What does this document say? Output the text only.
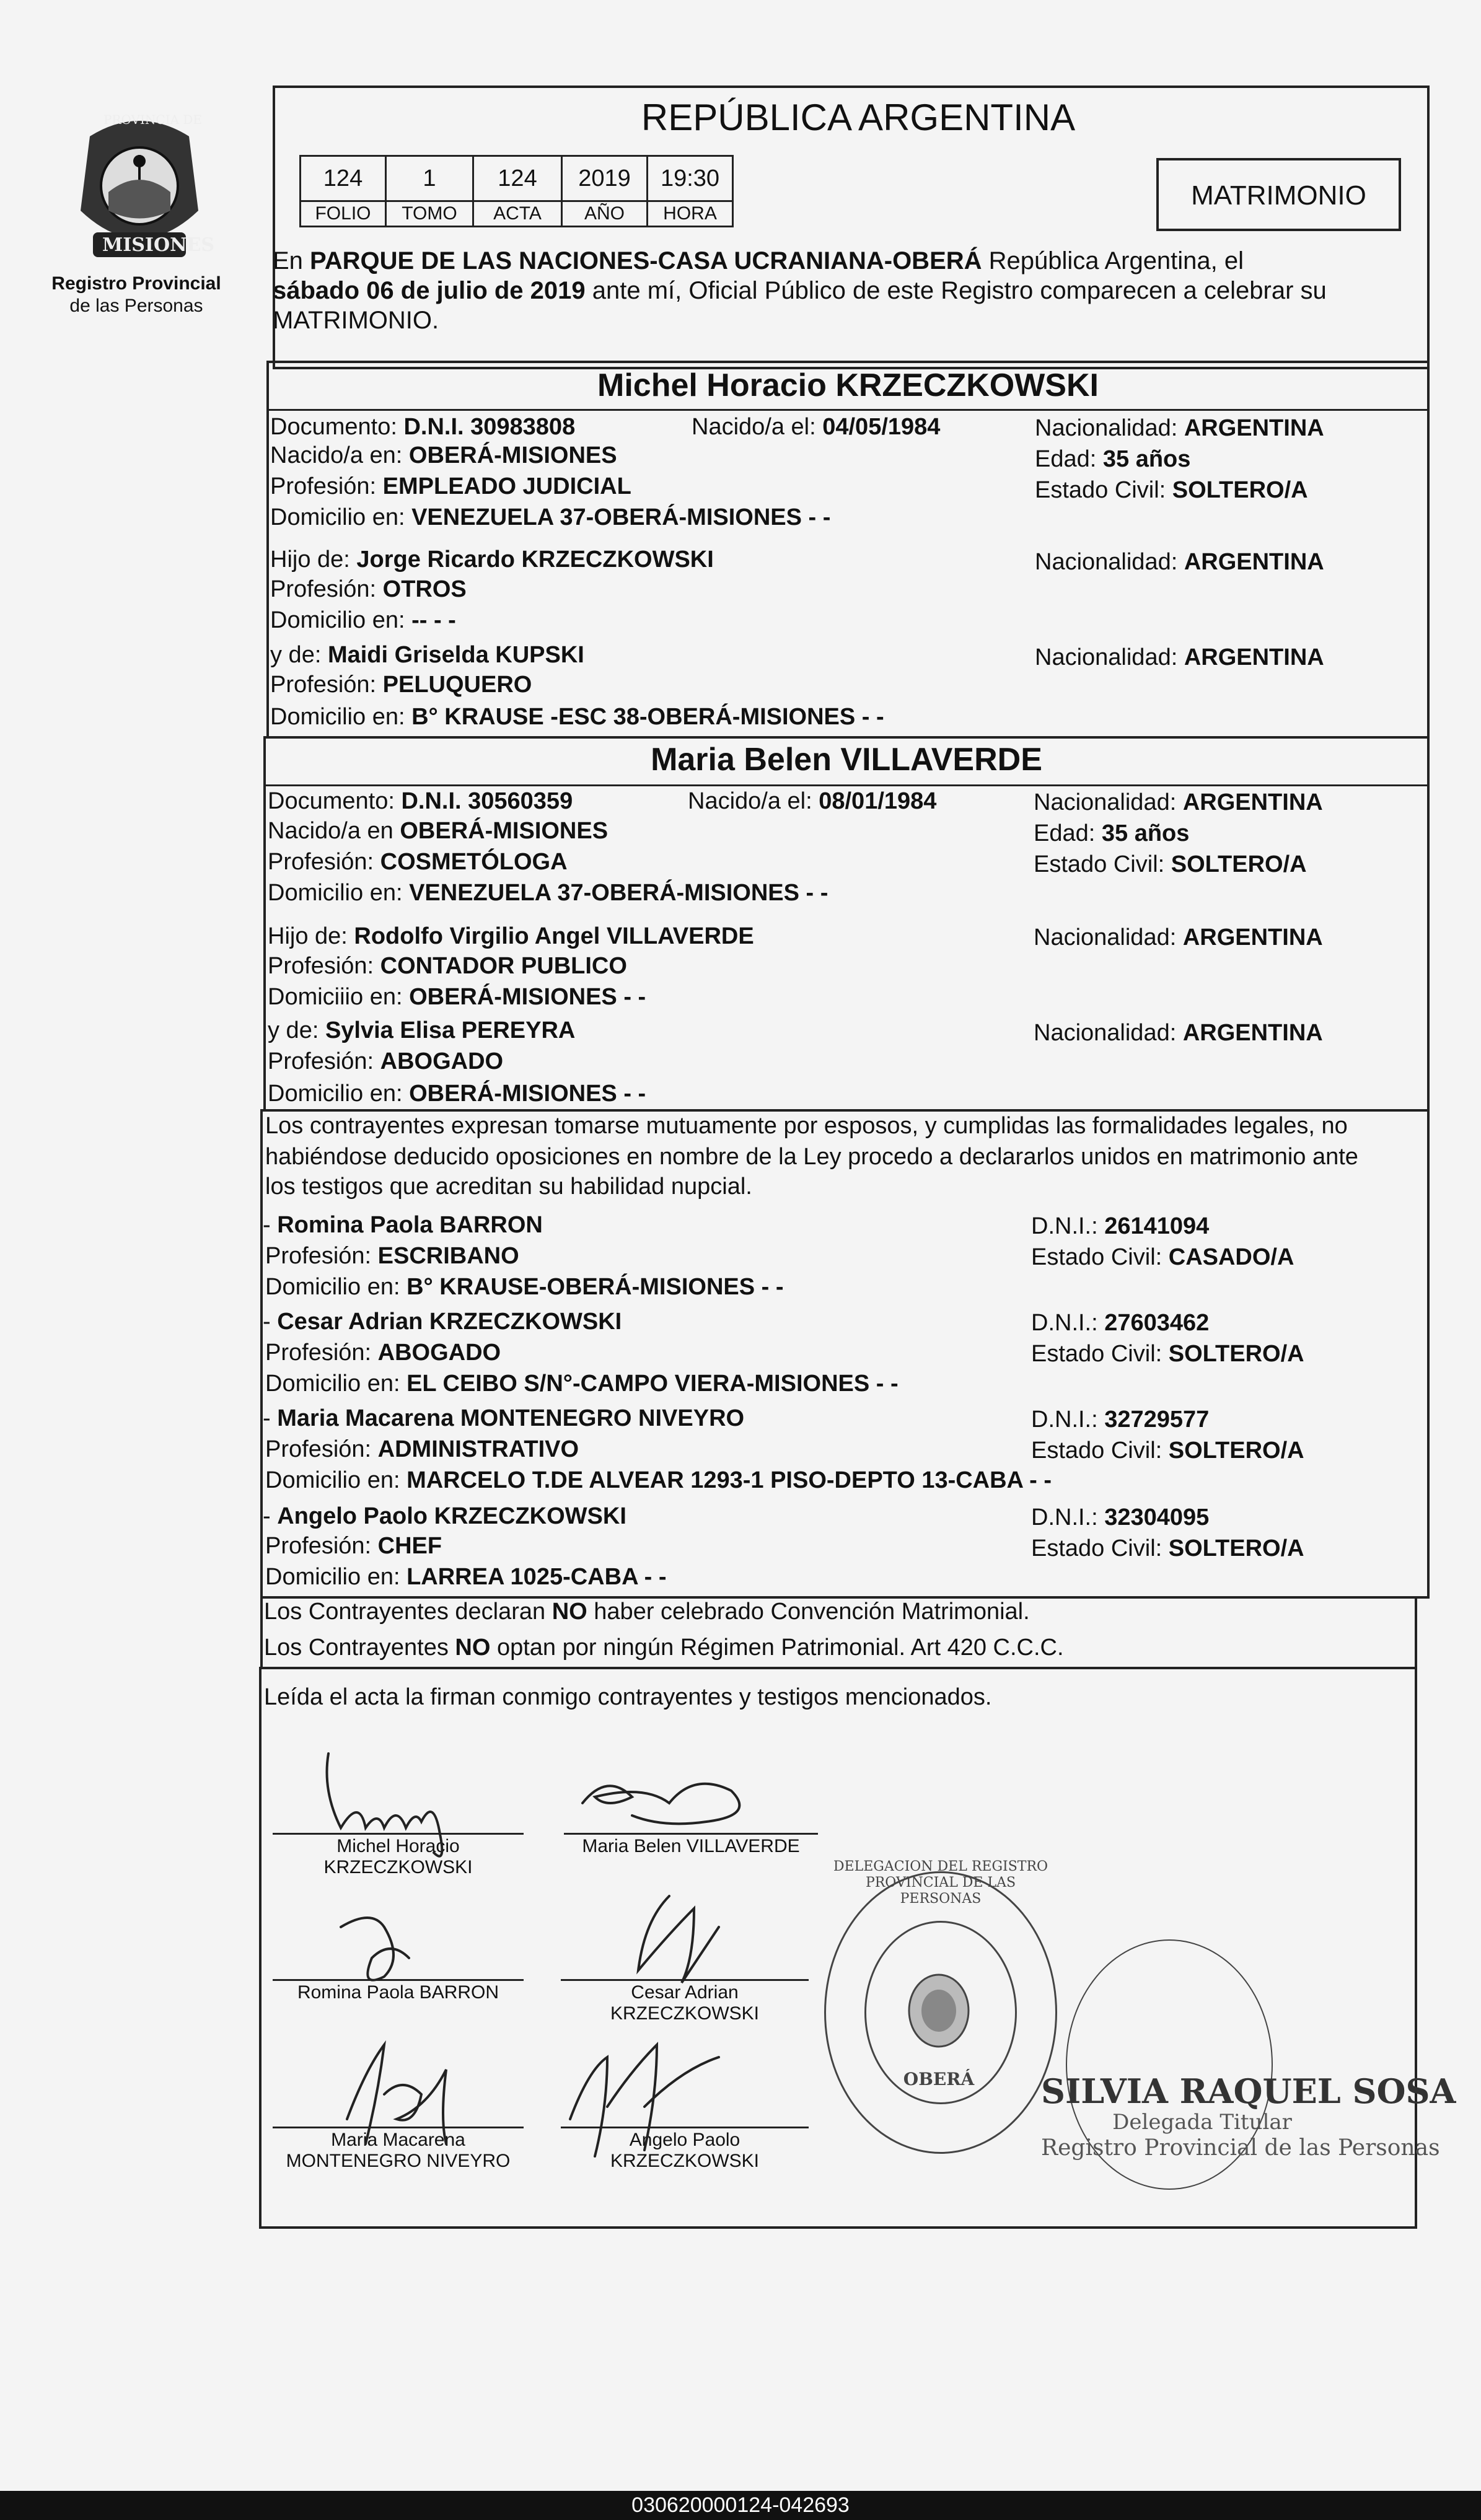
PROVINCIA DE
MISIONES
Registro Provincial
de las Personas
REPÚBLICA ARGENTINA
MATRIMONIO
124	1	124	2019	19:30
FOLIO	TOMO	ACTA	AÑO	HORA
En PARQUE DE LAS NACIONES-CASA UCRANIANA-OBERÁ República Argentina, el
sábado 06 de julio de 2019 ante mí, Oficial Público de este Registro comparecen a celebrar su
MATRIMONIO.
Michel Horacio KRZECZKOWSKI
Documento: D.N.I. 30983808	Nacido/a el: 04/05/1984	Nacionalidad: ARGENTINA
Nacido/a en: OBERÁ-MISIONES	Edad: 35 años
Profesión: EMPLEADO JUDICIAL	Estado Civil: SOLTERO/A
Domicilio en: VENEZUELA 37-OBERÁ-MISIONES - -
Hijo de: Jorge Ricardo KRZECZKOWSKI	Nacionalidad: ARGENTINA
Profesión: OTROS
Domicilio en: -- - -
y de: Maidi Griselda KUPSKI	Nacionalidad: ARGENTINA
Profesión: PELUQUERO
Domicilio en: B° KRAUSE -ESC 38-OBERÁ-MISIONES - -
Maria Belen VILLAVERDE
Documento: D.N.I. 30560359	Nacido/a el: 08/01/1984	Nacionalidad: ARGENTINA
Nacido/a en OBERÁ-MISIONES	Edad: 35 años
Profesión: COSMETÓLOGA	Estado Civil: SOLTERO/A
Domicilio en: VENEZUELA 37-OBERÁ-MISIONES - -
Hijo de: Rodolfo Virgilio Angel VILLAVERDE	Nacionalidad: ARGENTINA
Profesión: CONTADOR PUBLICO
Domiciiio en: OBERÁ-MISIONES - -
y de: Sylvia Elisa PEREYRA	Nacionalidad: ARGENTINA
Profesión: ABOGADO
Domicilio en: OBERÁ-MISIONES - -
Los contrayentes expresan tomarse mutuamente por esposos, y cumplidas las formalidades legales, no
habiéndose deducido oposiciones en nombre de la Ley procedo a declararlos unidos en matrimonio ante
los testigos que acreditan su habilidad nupcial.
- Romina Paola BARRON	D.N.I.: 26141094
Profesión: ESCRIBANO	Estado Civil: CASADO/A
Domicilio en: B° KRAUSE-OBERÁ-MISIONES - -
- Cesar Adrian KRZECZKOWSKI	D.N.I.: 27603462
Profesión: ABOGADO	Estado Civil: SOLTERO/A
Domicilio en: EL CEIBO S/N°-CAMPO VIERA-MISIONES - -
- Maria Macarena MONTENEGRO NIVEYRO	D.N.I.: 32729577
Profesión: ADMINISTRATIVO	Estado Civil: SOLTERO/A
Domicilio en: MARCELO T.DE ALVEAR 1293-1 PISO-DEPTO 13-CABA - -
- Angelo Paolo KRZECZKOWSKI	D.N.I.: 32304095
Profesión: CHEF	Estado Civil: SOLTERO/A
Domicilio en: LARREA 1025-CABA - -
Los Contrayentes declaran NO haber celebrado Convención Matrimonial.
Los Contrayentes NO optan por ningún Régimen Patrimonial. Art 420 C.C.C.
Leída el acta la firman conmigo contrayentes y testigos mencionados.
Michel Horacio
KRZECZKOWSKI
Maria Belen VILLAVERDE
Romina Paola BARRON	Cesar Adrian
KRZECZKOWSKI
Maria Macarena
MONTENEGRO NIVEYRO
Angelo Paolo
KRZECZKOWSKI
DELEGACION DEL REGISTRO PROVINCIAL DE LAS PERSONAS
OBERÁ	SILVIA RAQUEL SOSA
Delegada Titular
Registro Provincial de las Personas
030620000124-042693
